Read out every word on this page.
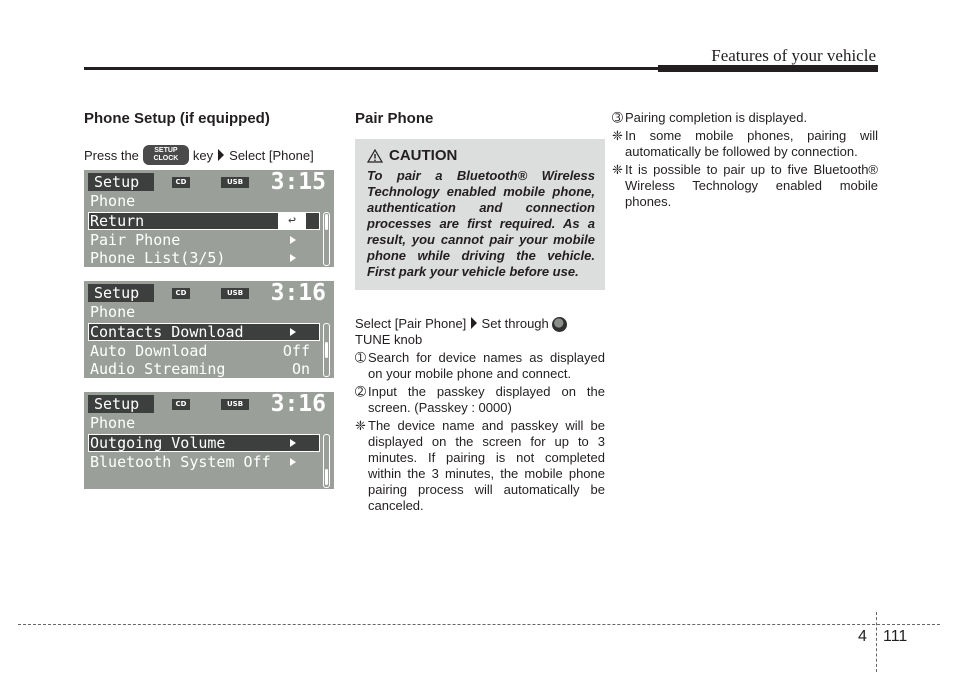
Features of your vehicle
Phone Setup (if equipped)
Press the SETUP
CLOCK key Select [Phone]
Setup	CD	USB 3:15
Phone
Return	↩
Pair Phone
Phone List(3/5)
Setup	CD	USB 3:16
Phone
Contacts Download
Auto Download	Off
Audio Streaming	On
Setup	CD	USB 3:16
Phone
Outgoing Volume
Bluetooth System Off
Pair Phone
CAUTION
To pair a Bluetooth® Wireless Technology enabled mobile phone, authentication and connection processes are first required. As a result, you cannot pair your mobile phone while driving the vehicle. First park your vehicle before use.
Select [Pair Phone] Set through
TUNE knob
➀ Search for device names as displayed on your mobile phone and connect.
➁ Input the passkey displayed on the screen. (Passkey : 0000)
❈ The device name and passkey will be displayed on the screen for up to 3 minutes. If pairing is not completed within the 3 minutes, the mobile phone pairing process will automatically be canceled.
➂ Pairing completion is displayed.
❈ In some mobile phones, pairing will automatically be followed by connection.
❈ It is possible to pair up to five Bluetooth® Wireless Technology enabled mobile phones.
4 111
